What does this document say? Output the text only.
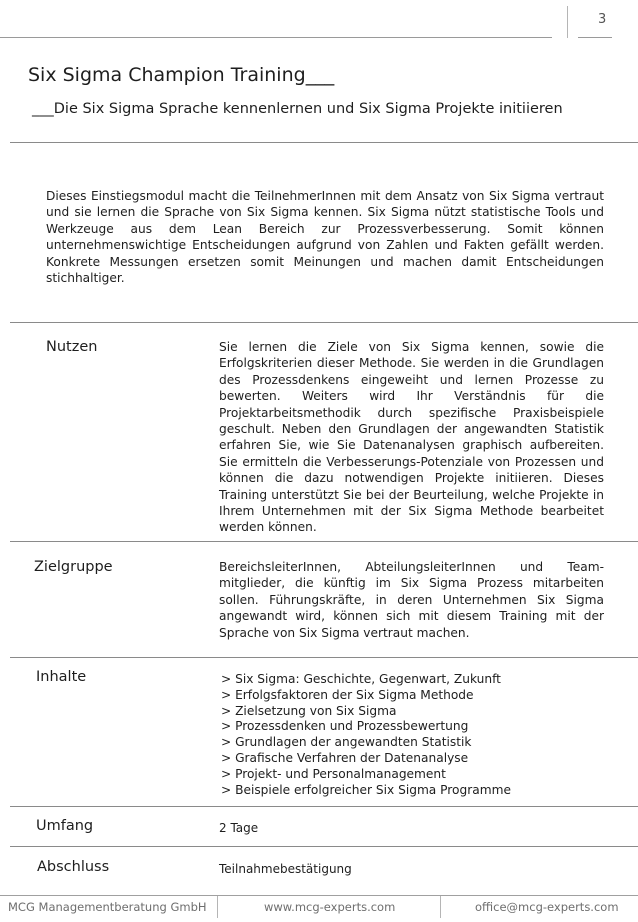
3
Six Sigma Champion Training___
___Die Six Sigma Sprache kennenlernen und Six Sigma Projekte initiieren
Dieses Einstiegsmodul macht die TeilnehmerInnen mit dem Ansatz von Six Sigma vertraut und sie lernen die Sprache von Six Sigma kennen. Six Sigma nützt statistische Tools und Werkzeuge aus dem Lean Bereich zur Prozessverbesserung. Somit können unternehmenswichtige Entscheidungen aufgrund von Zahlen und Fakten gefällt werden. Konkrete Messungen ersetzen somit Meinungen und machen damit Entscheidungen stichhaltiger.
Nutzen	Sie lernen die Ziele von Six Sigma kennen, sowie die Erfolgskriterien dieser Methode. Sie werden in die Grundlagen des Prozessdenkens eingeweiht und lernen Prozesse zu bewerten. Weiters wird Ihr Verständnis für die Projektarbeitsmethodik durch spezifische Praxisbeispiele geschult. Neben den Grundlagen der angewandten Statistik erfahren Sie, wie Sie Datenanalysen graphisch aufbereiten. Sie ermitteln die Verbesserungs-Potenziale von Prozessen und können die dazu notwendigen Projekte initiieren. Dieses Training unterstützt Sie bei der Beurteilung, welche Projekte in Ihrem Unternehmen mit der Six Sigma Methode bearbeitet werden können.
Zielgruppe	BereichsleiterInnen, AbteilungsleiterInnen und Team-mitglieder, die künftig im Six Sigma Prozess mitarbeiten sollen. Führungskräfte, in deren Unternehmen Six Sigma angewandt wird, können sich mit diesem Training mit der Sprache von Six Sigma vertraut machen.
Inhalte	> Six Sigma: Geschichte, Gegenwart, Zukunft
> Erfolgsfaktoren der Six Sigma Methode
> Zielsetzung von Six Sigma
> Prozessdenken und Prozessbewertung
> Grundlagen der angewandten Statistik
> Grafische Verfahren der Datenanalyse
> Projekt- und Personalmanagement
> Beispiele erfolgreicher Six Sigma Programme
Umfang	2 Tage
Abschluss	Teilnahmebestätigung
MCG Managementberatung GmbH	www.mcg-experts.com	office@mcg-experts.com
